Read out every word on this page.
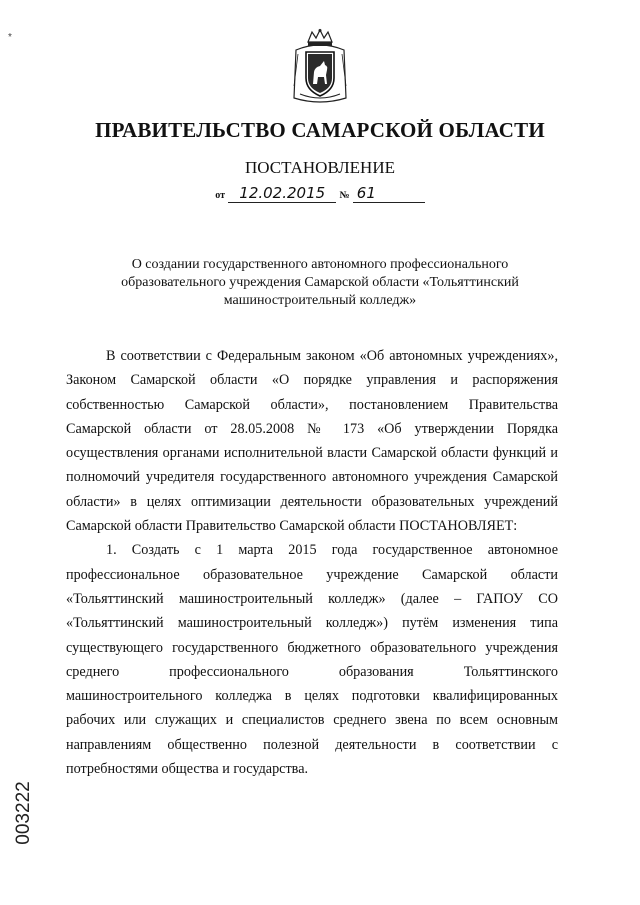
*
ПРАВИТЕЛЬСТВО САМАРСКОЙ ОБЛАСТИ
ПОСТАНОВЛЕНИЕ
от 12.02.2015 № 61
О создании государственного автономного профессионального образовательного учреждения Самарской области «Тольяттинский машиностроительный колледж»

В соответствии с Федеральным законом «Об автономных учреждениях», Законом Самарской области «О порядке управления и распоряжения собственностью Самарской области», постановлением Правительства Самарской области от 28.05.2008 № 173 «Об утверждении Порядка осуществления органами исполнительной власти Самарской области функций и полномочий учредителя государственного автономного учреждения Самарской области» в целях оптимизации деятельности образовательных учреждений Самарской области Правительство Самарской области ПОСТАНОВЛЯЕТ:

1. Создать с 1 марта 2015 года государственное автономное профессиональное образовательное учреждение Самарской области «Тольяттинский машиностроительный колледж» (далее – ГАПОУ СО «Тольяттинский машиностроительный колледж») путём изменения типа существующего государственного бюджетного образовательного учреждения среднего профессионального образования Тольяттинского машиностроительного колледжа в целях подготовки квалифицированных рабочих или служащих и специалистов среднего звена по всем основным направлениям общественно полезной деятельности в соответствии с потребностями общества и государства.

003222
